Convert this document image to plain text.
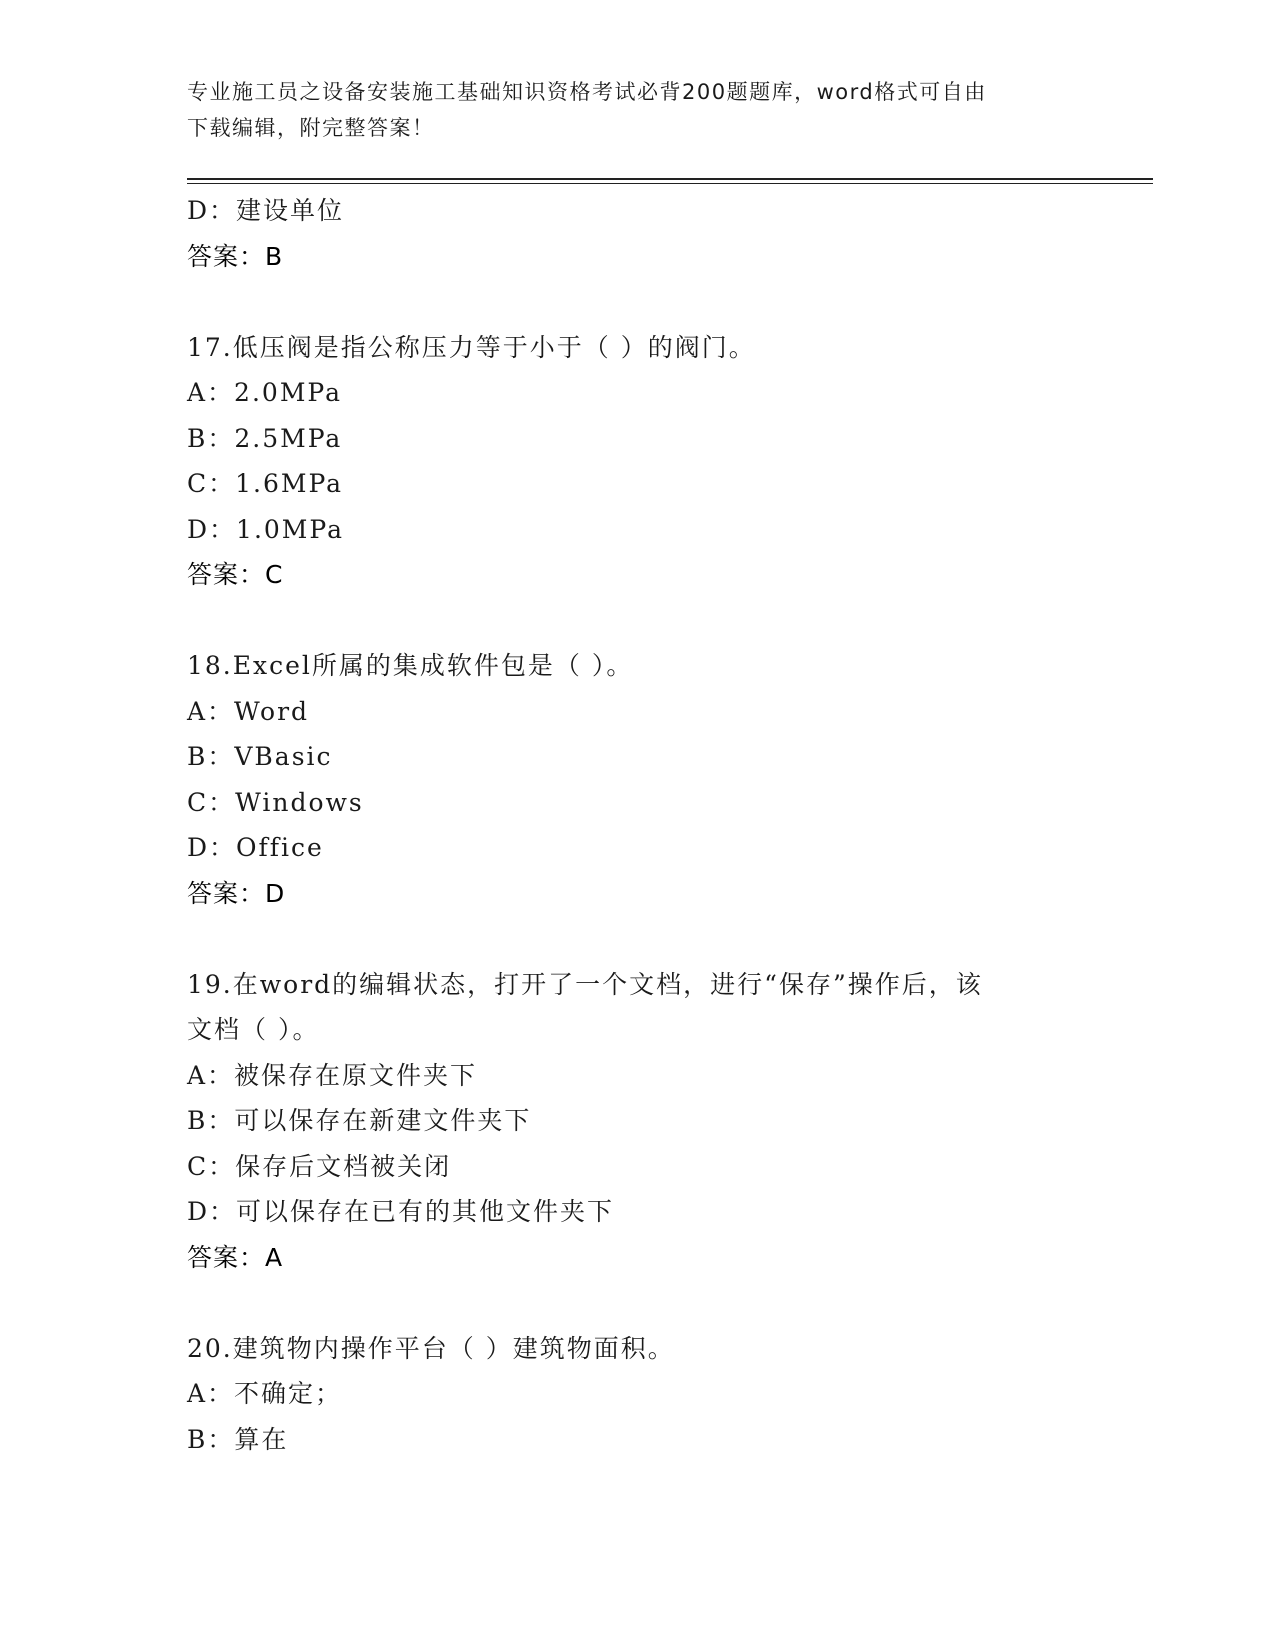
专业施工员之设备安装施工基础知识资格考试必背200题题库，word格式可自由
下载编辑，附完整答案！
D：建设单位
答案：B
17.低压阀是指公称压力等于小于（ ）的阀门。
A：2.0MPa
B：2.5MPa
C：1.6MPa
D：1.0MPa
答案：C
18.Excel所属的集成软件包是（ ）。
A：Word
B：VBasic
C：Windows
D：Office
答案：D
19.在word的编辑状态，打开了一个文档，进行“保存”操作后，该
文档（ ）。
A：被保存在原文件夹下
B：可以保存在新建文件夹下
C：保存后文档被关闭
D：可以保存在已有的其他文件夹下
答案：A
20.建筑物内操作平台（ ）建筑物面积。
A：不确定；
B：算在
